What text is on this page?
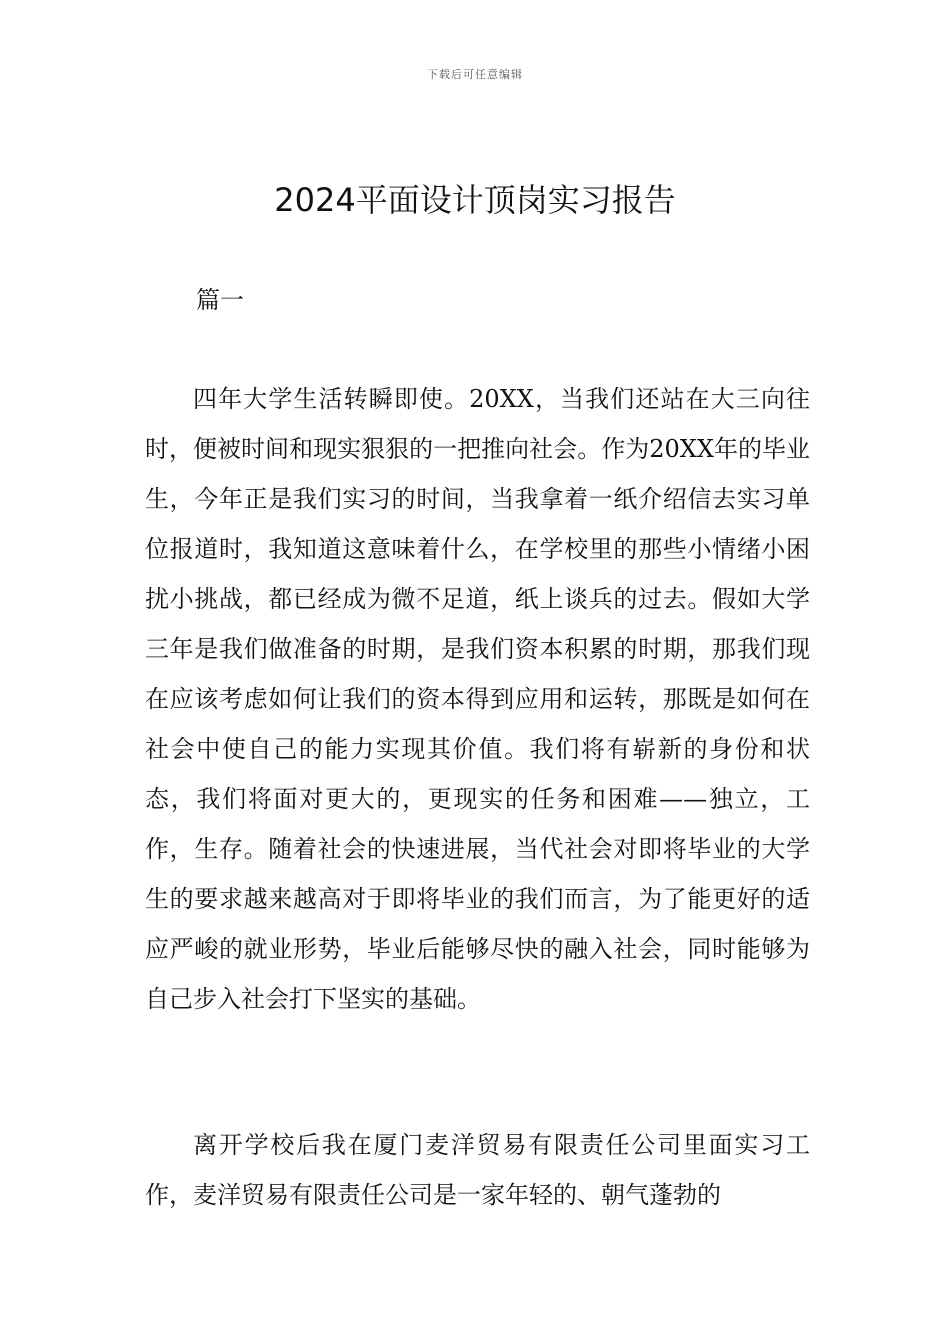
下载后可任意编辑
2024平面设计顶岗实习报告
篇一

四年大学生活转瞬即使。20XX，当我们还站在大三向往时，便被时间和现实狠狠的一把推向社会。作为20XX年的毕业生，今年正是我们实习的时间，当我拿着一纸介绍信去实习单位报道时，我知道这意味着什么，在学校里的那些小情绪小困扰小挑战，都已经成为微不足道，纸上谈兵的过去。假如大学三年是我们做准备的时期，是我们资本积累的时期，那我们现在应该考虑如何让我们的资本得到应用和运转，那既是如何在社会中使自己的能力实现其价值。我们将有崭新的身份和状态，我们将面对更大的，更现实的任务和困难——独立，工作，生存。随着社会的快速进展，当代社会对即将毕业的大学生的要求越来越高对于即将毕业的我们而言，为了能更好的适应严峻的就业形势，毕业后能够尽快的融入社会，同时能够为自己步入社会打下坚实的基础。

离开学校后我在厦门麦洋贸易有限责任公司里面实习工作，麦洋贸易有限责任公司是一家年轻的、朝气蓬勃的
